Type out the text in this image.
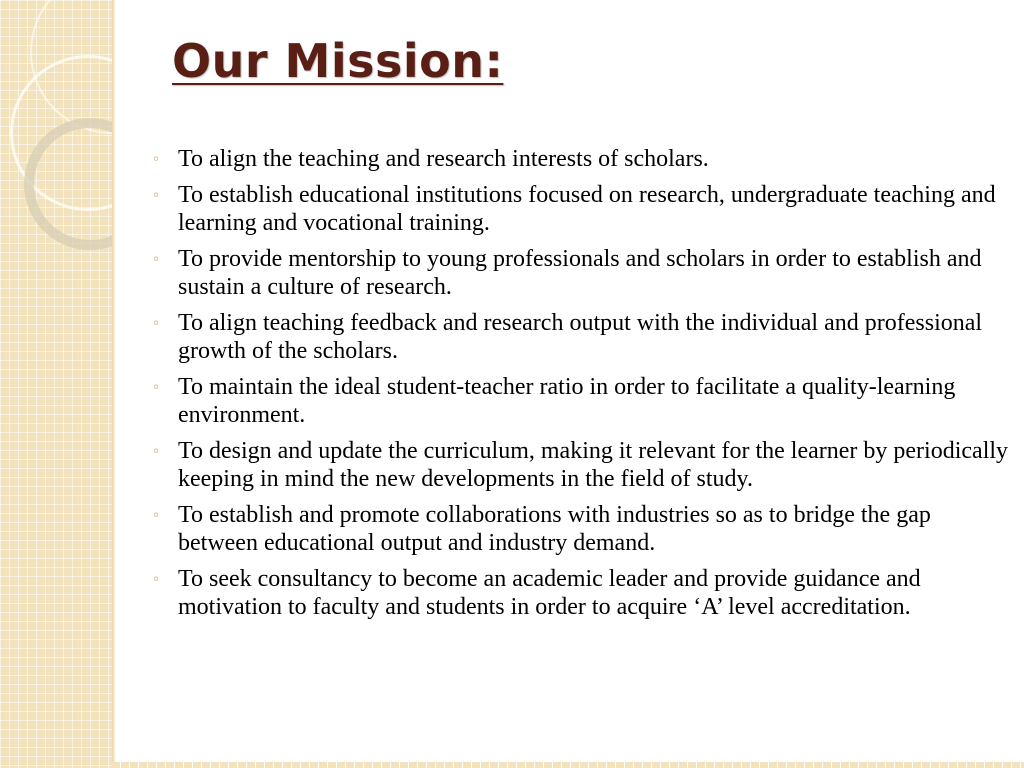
Our Mission:
◦ To align the teaching and research interests of scholars.
◦ To establish educational institutions focused on research, undergraduate teaching and learning and vocational training.
◦ To provide mentorship to young professionals and scholars in order to establish and sustain a culture of research.
◦ To align teaching feedback and research output with the individual and professional growth of the scholars.
◦ To maintain the ideal student-teacher ratio in order to facilitate a quality-learning environment.
◦ To design and update the curriculum, making it relevant for the learner by periodically keeping in mind the new developments in the field of study.
◦ To establish and promote collaborations with industries so as to bridge the gap between educational output and industry demand.
◦ To seek consultancy to become an academic leader and provide guidance and motivation to faculty and students in order to acquire ‘A’ level accreditation.
